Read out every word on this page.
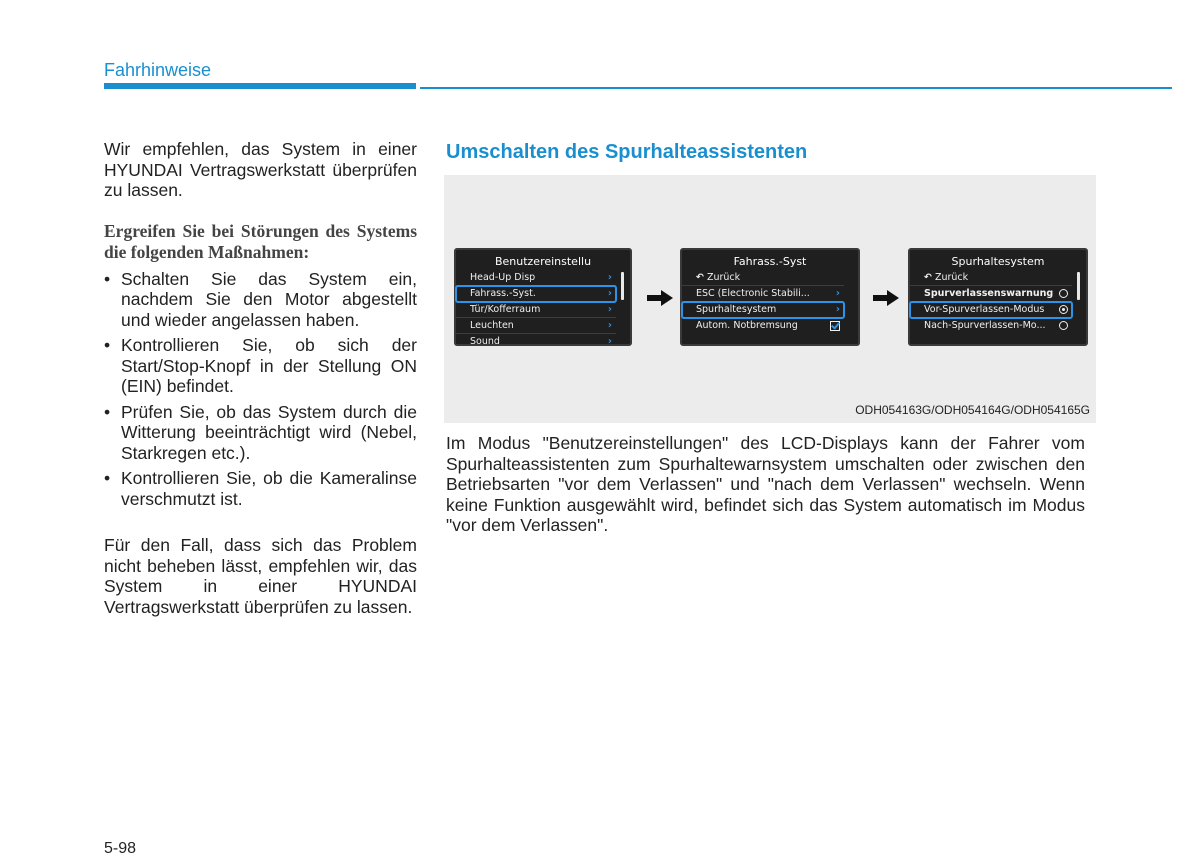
Fahrhinweise

Wir empfehlen, das System in einer HYUNDAI Vertragswerkstatt überprüfen zu lassen.

Ergreifen Sie bei Störungen des Systems die folgenden Maßnahmen:

• Schalten Sie das System ein, nachdem Sie den Motor abgestellt und wieder angelassen haben.
• Kontrollieren Sie, ob sich der Start/Stop-Knopf in der Stellung ON (EIN) befindet.
• Prüfen Sie, ob das System durch die Witterung beeinträchtigt wird (Nebel, Starkregen etc.).
• Kontrollieren Sie, ob die Kameralinse verschmutzt ist.

Für den Fall, dass sich das Problem nicht beheben lässt, empfehlen wir, das System in einer HYUNDAI Vertragswerkstatt überprüfen zu lassen.

Umschalten des Spurhalteassistenten
Benutzereinstellu
Head-Up Disp	›
Fahrass.-Syst.	›
Tür/Kofferraum	›
Leuchten	›
Sound	›
Fahrass.-Syst
↶ Zurück
ESC (Electronic Stabili...	›
Spurhaltesystem	›
Autom. Notbremsung
Spurhaltesystem
↶ Zurück
Spurverlassenswarnung
Vor-Spurverlassen-Modus
Nach-Spurverlassen-Mo...
ODH054163G/ODH054164G/ODH054165G

Im Modus "Benutzereinstellungen" des LCD-Displays kann der Fahrer vom Spurhalteassistenten zum Spurhaltewarnsystem umschalten oder zwischen den Betriebsarten "vor dem Verlassen" und "nach dem Verlassen" wechseln. Wenn keine Funktion ausgewählt wird, befindet sich das System automatisch im Modus "vor dem Verlassen".

5-98
